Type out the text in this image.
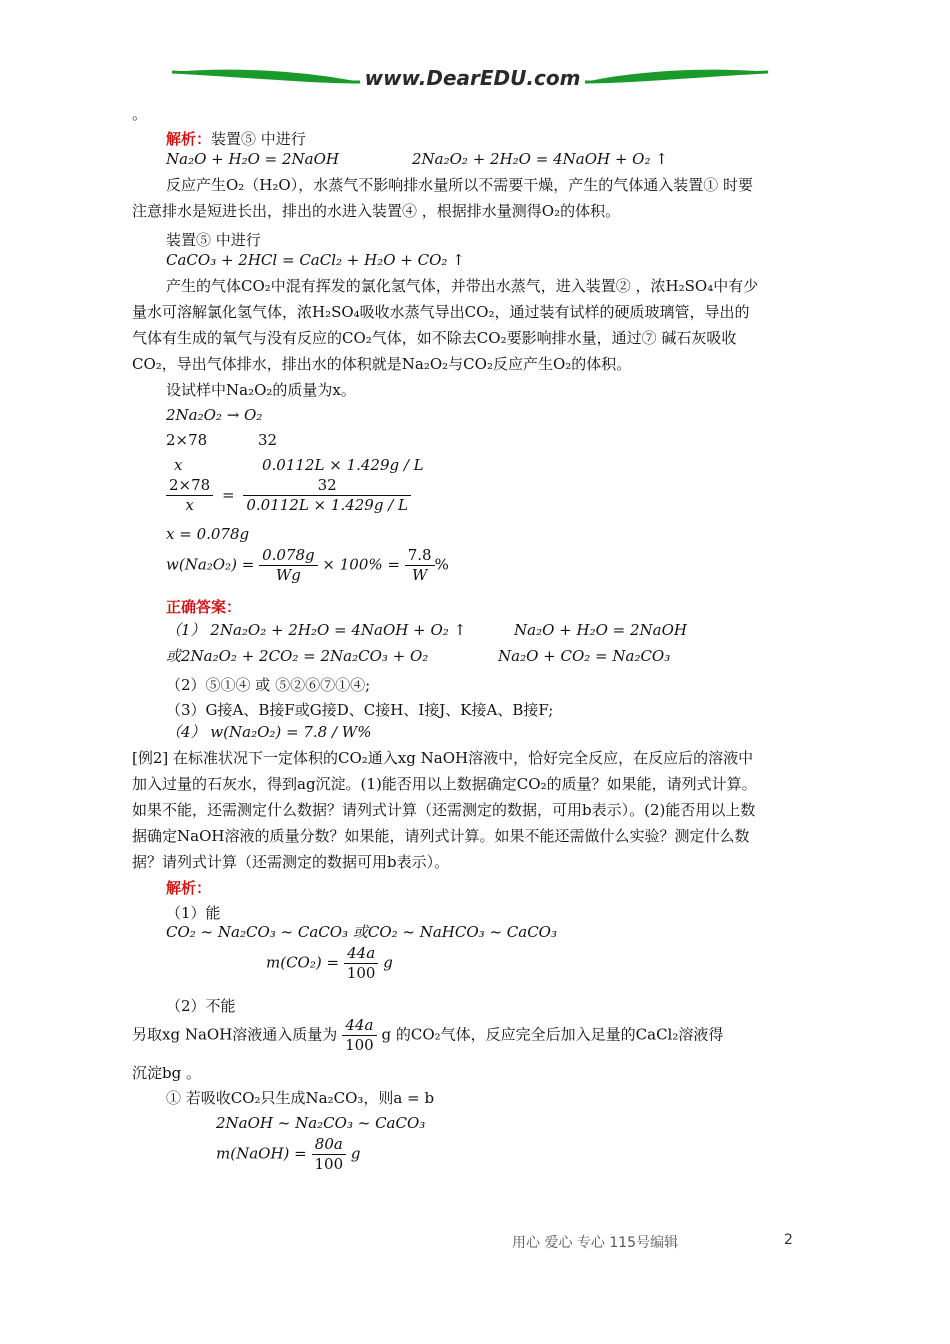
www.DearEDU.com
。
解析：装置⑤ 中进行
Na₂O + H₂O = 2NaOH	2Na₂O₂ + 2H₂O = 4NaOH + O₂ ↑
反应产生O₂（H₂O），水蒸气不影响排水量所以不需要干燥，产生的气体通入装置① 时要
注意排水是短进长出，排出的水进入装置④ ，根据排水量测得O₂的体积。
装置⑤ 中进行
CaCO₃ + 2HCl = CaCl₂ + H₂O + CO₂ ↑
产生的气体CO₂中混有挥发的氯化氢气体，并带出水蒸气，进入装置② ，浓H₂SO₄中有少
量水可溶解氯化氢气体，浓H₂SO₄吸收水蒸气导出CO₂，通过装有试样的硬质玻璃管，导出的
气体有生成的氧气与没有反应的CO₂气体，如不除去CO₂要影响排水量，通过⑦ 碱石灰吸收
CO₂，导出气体排水，排出水的体积就是Na₂O₂与CO₂反应产生O₂的体积。
设试样中Na₂O₂的质量为x。
2Na₂O₂ → O₂
2×78	32
x	0.0112L × 1.429g / L
$\frac{2\times 78}{x} = \frac{32}{0.0112L \times 1.429g / L}$
x = 0.078g
$w(Na_2O_2) = \frac{0.078g}{Wg} \times 100\% = \frac{7.8}{W}$ %
正确答案：
（1） 2Na₂O₂ + 2H₂O = 4NaOH + O₂ ↑	Na₂O + H₂O = 2NaOH
或2Na₂O₂ + 2CO₂ = 2Na₂CO₃ + O₂	Na₂O + CO₂ = Na₂CO₃
（2）⑤①④ 或 ⑤②⑥⑦①④;
（3）G接A、B接F或G接D、C接H、I接J、K接A、B接F;
（4） w(Na₂O₂) = 7.8 / W%
[例2] 在标准状况下一定体积的CO₂通入xg NaOH溶液中，恰好完全反应，在反应后的溶液中
加入过量的石灰水，得到ag沉淀。(1)能否用以上数据确定CO₂的质量？如果能，请列式计算。
如果不能，还需测定什么数据？请列式计算（还需测定的数据，可用b表示）。(2)能否用以上数
据确定NaOH溶液的质量分数？如果能，请列式计算。如果不能还需做什么实验？测定什么数
据？请列式计算（还需测定的数据可用b表示）。
解析：
（1）能
CO₂ ~ Na₂CO₃ ~ CaCO₃ 或CO₂ ~ NaHCO₃ ~ CaCO₃
$m(CO_2) = \frac{44a}{100}$ g
（2）不能
另取xg NaOH溶液通入质量为 $\frac{44a}{100}$ g 的CO₂气体，反应完全后加入足量的CaCl₂溶液得
沉淀bg 。
① 若吸收CO₂只生成Na₂CO₃，则a = b
2NaOH ~ Na₂CO₃ ~ CaCO₃
m(NaOH) = $\frac{80a}{100}$ g
用心 爱心 专心 115号编辑	2
